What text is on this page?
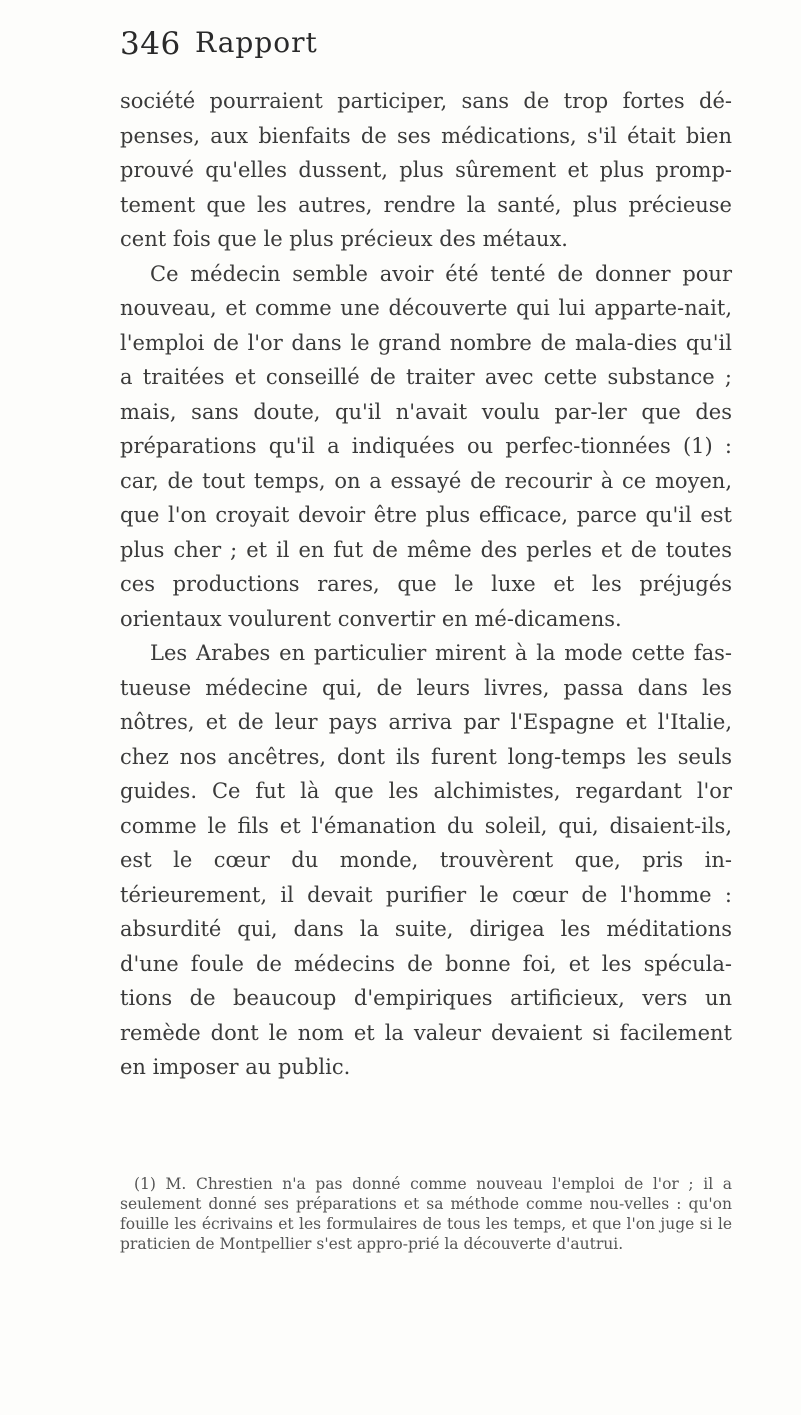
346 Rapport

société pourraient participer, sans de trop fortes dé-penses, aux bienfaits de ses médications, s'il était bien prouvé qu'elles dussent, plus sûrement et plus promp-tement que les autres, rendre la santé, plus précieuse cent fois que le plus précieux des métaux.

Ce médecin semble avoir été tenté de donner pour nouveau, et comme une découverte qui lui apparte-nait, l'emploi de l'or dans le grand nombre de mala-dies qu'il a traitées et conseillé de traiter avec cette substance ; mais, sans doute, qu'il n'avait voulu par-ler que des préparations qu'il a indiquées ou perfec-tionnées (1) : car, de tout temps, on a essayé de recourir à ce moyen, que l'on croyait devoir être plus efficace, parce qu'il est plus cher ; et il en fut de même des perles et de toutes ces productions rares, que le luxe et les préjugés orientaux voulurent convertir en mé-dicamens.

Les Arabes en particulier mirent à la mode cette fas-tueuse médecine qui, de leurs livres, passa dans les nôtres, et de leur pays arriva par l'Espagne et l'Italie, chez nos ancêtres, dont ils furent long-temps les seuls guides. Ce fut là que les alchimistes, regardant l'or comme le fils et l'émanation du soleil, qui, disaient-ils, est le cœur du monde, trouvèrent que, pris in-térieurement, il devait purifier le cœur de l'homme : absurdité qui, dans la suite, dirigea les méditations d'une foule de médecins de bonne foi, et les spécula-tions de beaucoup d'empiriques artificieux, vers un remède dont le nom et la valeur devaient si facilement en imposer au public.

(1) M. Chrestien n'a pas donné comme nouveau l'emploi de l'or ; il a seulement donné ses préparations et sa méthode comme nou-velles : qu'on fouille les écrivains et les formulaires de tous les temps, et que l'on juge si le praticien de Montpellier s'est appro-prié la découverte d'autrui.
